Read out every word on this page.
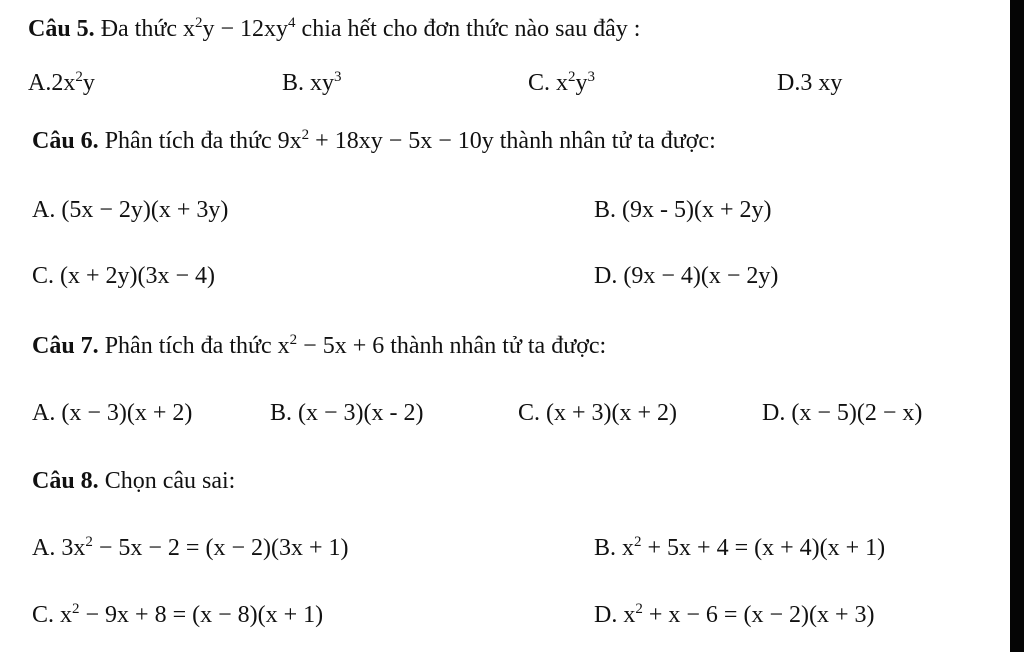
Câu 5. Đa thức $x^2y - 12xy^4$ chia hết cho đơn thức nào sau đây :
$A.2x^2y$	B. $xy^3$	C. $x^2y^3$	D.3 xy
Câu 6. Phân tích đa thức $9x^2 + 18xy - 5x - 10y$ thành nhân tử ta được:
A. (5x − 2y)(x + 3y)	B. (9x - 5)(x + 2y)
C. (x + 2y)(3x − 4)	D. (9x − 4)(x − 2y)
Câu 7. Phân tích đa thức $x^2 - 5x + 6$ thành nhân tử ta được:
A. (x − 3)(x + 2)	B. (x − 3)(x - 2)	C. (x + 3)(x + 2)	D. (x − 5)(2 − x)
Câu 8. Chọn câu sai:
A. $3x^2 - 5x - 2 = (x - 2)(3x + 1)$	B. $x^2 + 5x + 4 = (x + 4)(x + 1)$
C. $x^2 - 9x + 8 = (x - 8)(x + 1)$	D. $x^2 + x - 6 = (x - 2)(x + 3)$
